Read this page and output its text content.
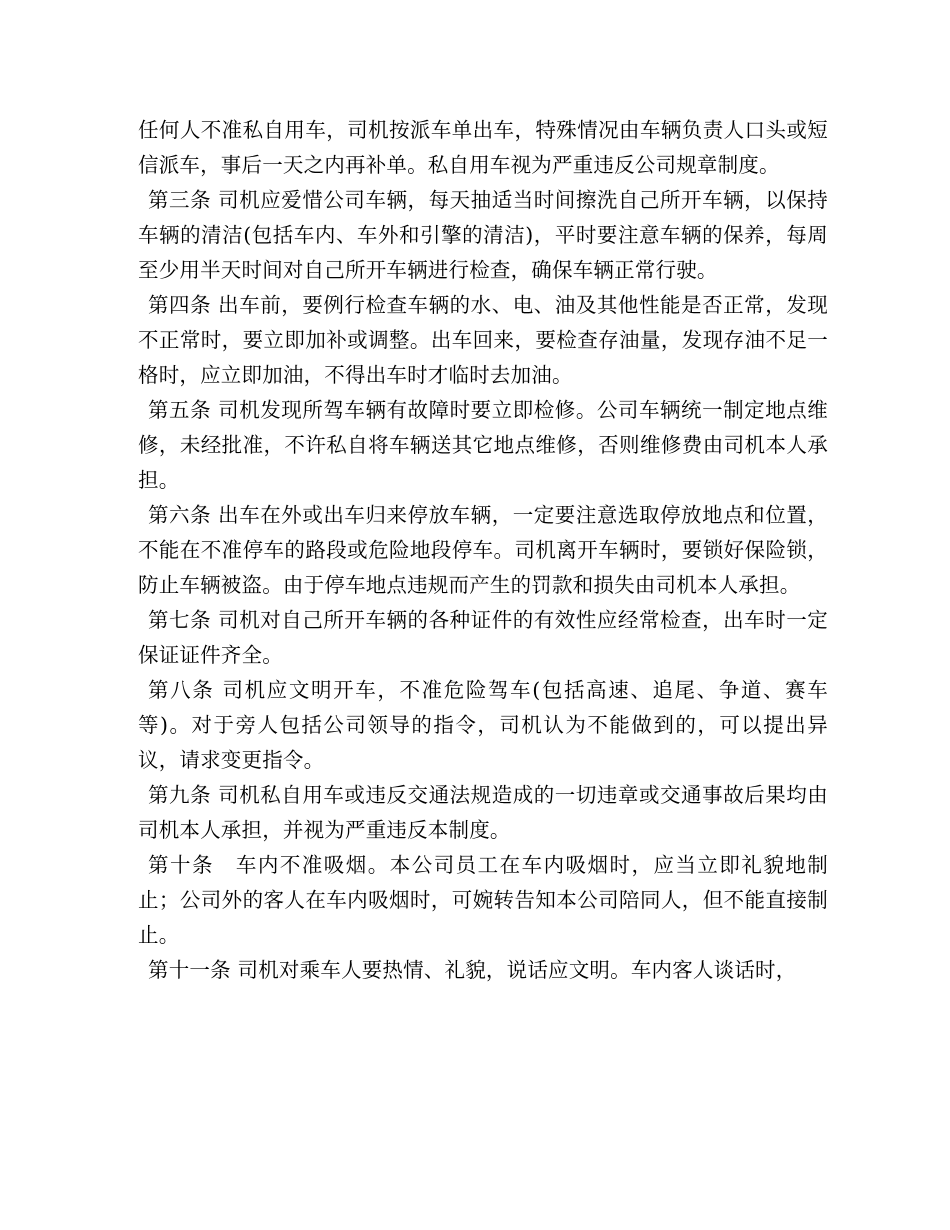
任何人不准私自用车，司机按派车单出车，特殊情况由车辆负责人口头或短信派车，事后一天之内再补单。私自用车视为严重违反公司规章制度。

第三条 司机应爱惜公司车辆，每天抽适当时间擦洗自己所开车辆，以保持车辆的清洁(包括车内、车外和引擎的清洁)，平时要注意车辆的保养，每周至少用半天时间对自己所开车辆进行检查，确保车辆正常行驶。

第四条 出车前，要例行检查车辆的水、电、油及其他性能是否正常，发现不正常时，要立即加补或调整。出车回来，要检查存油量，发现存油不足一格时，应立即加油，不得出车时才临时去加油。

第五条 司机发现所驾车辆有故障时要立即检修。公司车辆统一制定地点维修，未经批准，不许私自将车辆送其它地点维修，否则维修费由司机本人承担。

第六条 出车在外或出车归来停放车辆，一定要注意选取停放地点和位置，不能在不准停车的路段或危险地段停车。司机离开车辆时，要锁好保险锁，防止车辆被盗。由于停车地点违规而产生的罚款和损失由司机本人承担。

第七条 司机对自己所开车辆的各种证件的有效性应经常检查，出车时一定保证证件齐全。

第八条 司机应文明开车，不准危险驾车(包括高速、追尾、争道、赛车等)。对于旁人包括公司领导的指令，司机认为不能做到的，可以提出异议，请求变更指令。

第九条 司机私自用车或违反交通法规造成的一切违章或交通事故后果均由司机本人承担，并视为严重违反本制度。

第十条　车内不准吸烟。本公司员工在车内吸烟时，应当立即礼貌地制止；公司外的客人在车内吸烟时，可婉转告知本公司陪同人，但不能直接制止。

第十一条 司机对乘车人要热情、礼貌，说话应文明。车内客人谈话时，
